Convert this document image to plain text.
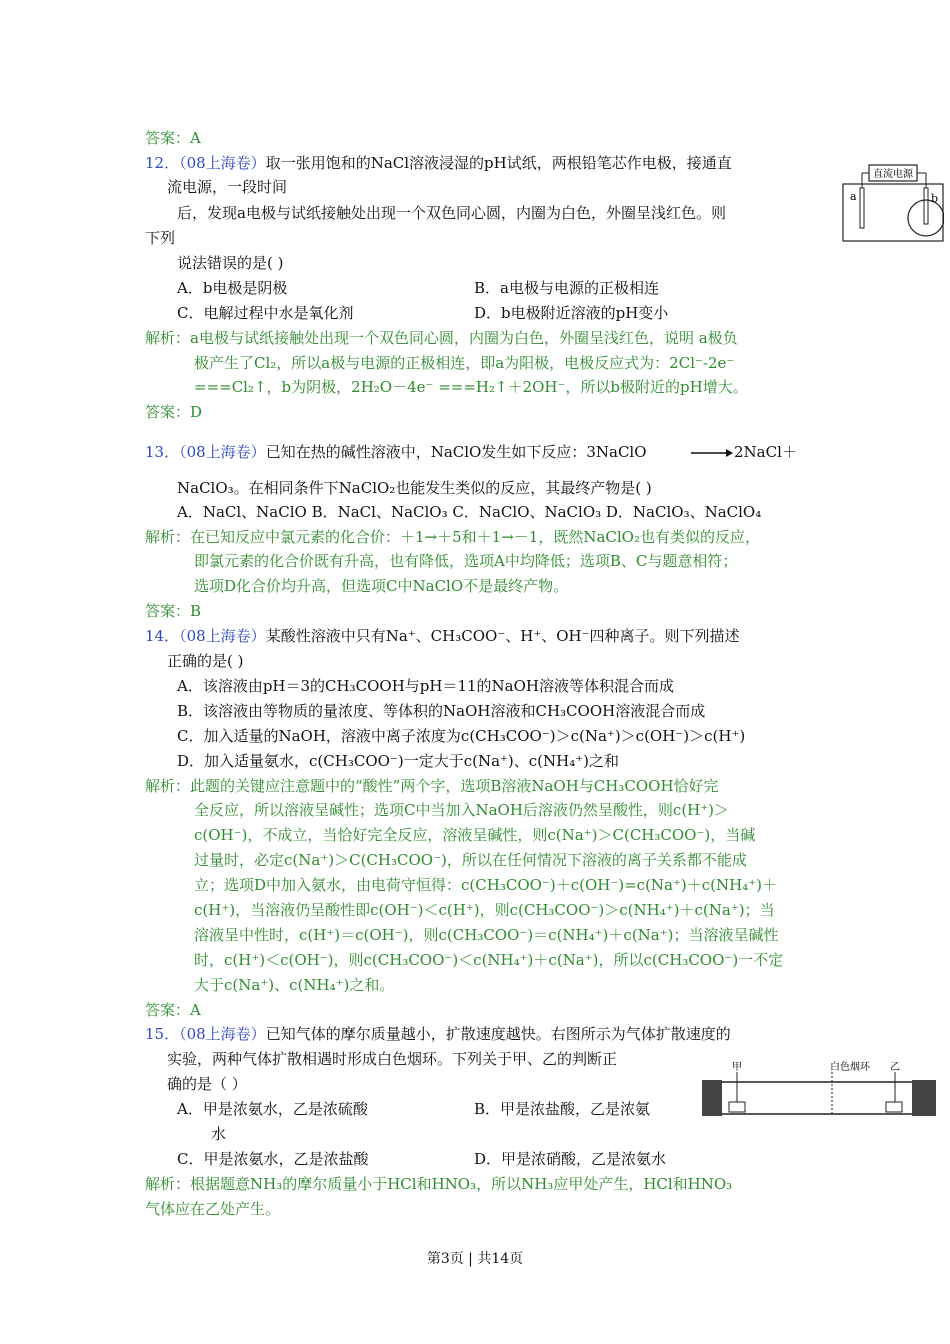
答案：A
12．（08上海卷）取一张用饱和的NaCl溶液浸湿的pH试纸，两根铅笔芯作电极，接通直
流电源，一段时间
后，发现a电极与试纸接触处出现一个双色同心圆，内圈为白色，外圈呈浅红色。则
下列
说法错误的是( )
A．b电极是阴极	B．a电极与电源的正极相连
C．电解过程中水是氧化剂	D．b电极附近溶液的pH变小
解析：a电极与试纸接触处出现一个双色同心圆，内圈为白色，外圈呈浅红色，说明 a极负
极产生了Cl₂，所以a极与电源的正极相连，即a为阳极，电极反应式为：2Cl⁻-2e⁻
===Cl₂↑，b为阴极，2H₂O－4e⁻ ===H₂↑＋2OH⁻，所以b极附近的pH增大。
答案：D
13．（08上海卷）已知在热的碱性溶液中，NaClO发生如下反应：3NaClO	2NaCl＋
NaClO₃。在相同条件下NaClO₂也能发生类似的反应，其最终产物是( )
A．NaCl、NaClO B．NaCl、NaClO₃ C．NaClO、NaClO₃ D．NaClO₃、NaClO₄
解析：在已知反应中氯元素的化合价：＋1→＋5和＋1→－1，既然NaClO₂也有类似的反应，
即氯元素的化合价既有升高，也有降低，选项A中均降低；选项B、C与题意相符；
选项D化合价均升高，但选项C中NaClO不是最终产物。
答案：B
14．（08上海卷）某酸性溶液中只有Na⁺、CH₃COO⁻、H⁺、OH⁻四种离子。则下列描述
正确的是( )
A．该溶液由pH＝3的CH₃COOH与pH＝11的NaOH溶液等体积混合而成
B．该溶液由等物质的量浓度、等体积的NaOH溶液和CH₃COOH溶液混合而成
C．加入适量的NaOH，溶液中离子浓度为c(CH₃COO⁻)＞c(Na⁺)＞c(OH⁻)＞c(H⁺)
D．加入适量氨水，c(CH₃COO⁻)一定大于c(Na⁺)、c(NH₄⁺)之和
解析：此题的关键应注意题中的“酸性”两个字，选项B溶液NaOH与CH₃COOH恰好完
全反应，所以溶液呈碱性；选项C中当加入NaOH后溶液仍然呈酸性，则c(H⁺)＞
c(OH⁻)，不成立，当恰好完全反应，溶液呈碱性，则c(Na⁺)＞C(CH₃COO⁻)，当碱
过量时，必定c(Na⁺)＞C(CH₃COO⁻)，所以在任何情况下溶液的离子关系都不能成
立；选项D中加入氨水，由电荷守恒得：c(CH₃COO⁻)＋c(OH⁻)=c(Na⁺)＋c(NH₄⁺)＋
c(H⁺)，当溶液仍呈酸性即c(OH⁻)＜c(H⁺)，则c(CH₃COO⁻)＞c(NH₄⁺)＋c(Na⁺)；当
溶液呈中性时，c(H⁺)＝c(OH⁻)，则c(CH₃COO⁻)＝c(NH₄⁺)＋c(Na⁺)；当溶液呈碱性
时，c(H⁺)＜c(OH⁻)，则c(CH₃COO⁻)＜c(NH₄⁺)＋c(Na⁺)，所以c(CH₃COO⁻)一不定
大于c(Na⁺)、c(NH₄⁺)之和。
答案：A
15．（08上海卷）已知气体的摩尔质量越小，扩散速度越快。右图所示为气体扩散速度的
实验，两种气体扩散相遇时形成白色烟环。下列关于甲、乙的判断正
确的是（ ）
A．甲是浓氨水，乙是浓硫酸	B．甲是浓盐酸，乙是浓氨
水
C．甲是浓氨水，乙是浓盐酸	D．甲是浓硝酸，乙是浓氨水
解析：根据题意NH₃的摩尔质量小于HCl和HNO₃，所以NH₃应甲处产生，HCl和HNO₃
气体应在乙处产生。
直流电源
a	b
甲	白色烟环 乙
第3页 | 共14页
